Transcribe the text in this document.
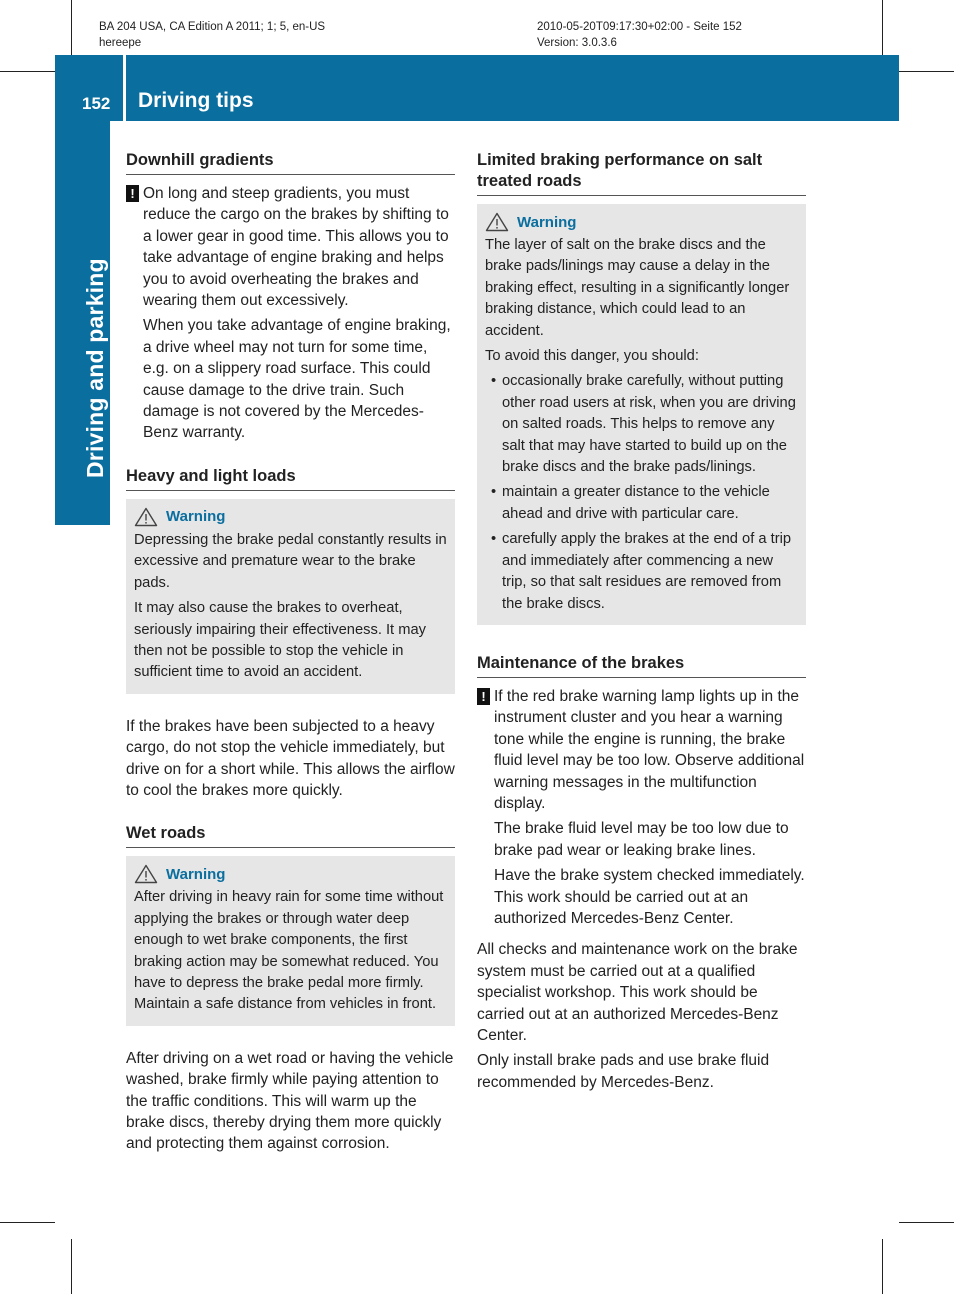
BA 204 USA, CA Edition A 2011; 1; 5, en-US
hereepe
2010-05-20T09:17:30+02:00 - Seite 152
Version: 3.0.3.6
152 Driving tips
Driving and parking
Downhill gradients

! On long and steep gradients, you must reduce the cargo on the brakes by shifting to a lower gear in good time. This allows you to take advantage of engine braking and helps you to avoid overheating the brakes and wearing them out excessively.

When you take advantage of engine braking, a drive wheel may not turn for some time, e.g. on a slippery road surface. This could cause damage to the drive train. Such damage is not covered by the Mercedes-Benz warranty.

Heavy and light loads
Warning

Depressing the brake pedal constantly results in excessive and premature wear to the brake pads.

It may also cause the brakes to overheat, seriously impairing their effectiveness. It may then not be possible to stop the vehicle in sufficient time to avoid an accident.

If the brakes have been subjected to a heavy cargo, do not stop the vehicle immediately, but drive on for a short while. This allows the airflow to cool the brakes more quickly.

Wet roads
Warning

After driving in heavy rain for some time without applying the brakes or through water deep enough to wet brake components, the first braking action may be somewhat reduced. You have to depress the brake pedal more firmly. Maintain a safe distance from vehicles in front.

After driving on a wet road or having the vehicle washed, brake firmly while paying attention to the traffic conditions. This will warm up the brake discs, thereby drying them more quickly and protecting them against corrosion.

Limited braking performance on salt treated roads
Warning

The layer of salt on the brake discs and the brake pads/linings may cause a delay in the braking effect, resulting in a significantly longer braking distance, which could lead to an accident.

To avoid this danger, you should:

• occasionally brake carefully, without putting other road users at risk, when you are driving on salted roads. This helps to remove any salt that may have started to build up on the brake discs and the brake pads/linings.
• maintain a greater distance to the vehicle ahead and drive with particular care.
• carefully apply the brakes at the end of a trip and immediately after commencing a new trip, so that salt residues are removed from the brake discs.
Maintenance of the brakes

! If the red brake warning lamp lights up in the instrument cluster and you hear a warning tone while the engine is running, the brake fluid level may be too low. Observe additional warning messages in the multifunction display.

The brake fluid level may be too low due to brake pad wear or leaking brake lines.

Have the brake system checked immediately. This work should be carried out at an authorized Mercedes-Benz Center.

All checks and maintenance work on the brake system must be carried out at a qualified specialist workshop. This work should be carried out at an authorized Mercedes-Benz Center.

Only install brake pads and use brake fluid recommended by Mercedes-Benz.
